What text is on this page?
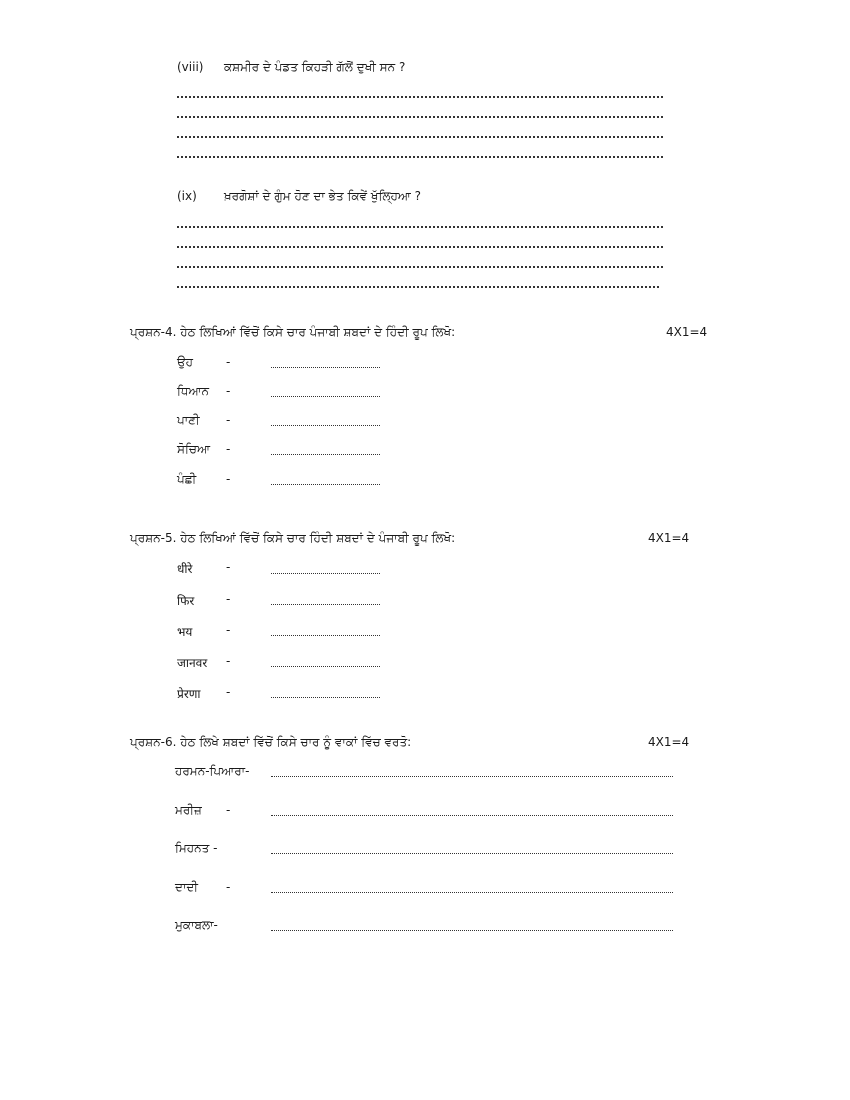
(viii) ਕਸ਼ਮੀਰ ਦੇ ਪੰਡਤ ਕਿਹੜੀ ਗੱਲੋਂ ਦੁਖੀ ਸਨ ?
(ix) ਖ਼ਰਗੋਸ਼ਾਂ ਦੇ ਗੁੰਮ ਹੋਣ ਦਾ ਭੇਤ ਕਿਵੇਂ ਖੁੱਲ੍ਹਿਆ ?
ਪ੍ਰਸ਼ਨ-4. ਹੇਠ ਲਿਖਿਆਂ ਵਿੱਚੋਂ ਕਿਸੇ ਚਾਰ ਪੰਜਾਬੀ ਸ਼ਬਦਾਂ ਦੇ ਹਿੰਦੀ ਰੂਪ ਲਿਖੋ:	4X1=4
ਉਹ	-
ਧਿਆਨ -
ਪਾਣੀ -
ਸੋਚਿਆ -
ਪੰਛੀ -
ਪ੍ਰਸ਼ਨ-5. ਹੇਠ ਲਿਖਿਆਂ ਵਿੱਚੋਂ ਕਿਸੇ ਚਾਰ ਹਿੰਦੀ ਸ਼ਬਦਾਂ ਦੇ ਪੰਜਾਬੀ ਰੂਪ ਲਿਖੋ:	4X1=4
धीरे	-
फिर	-
भय	-
जानवर -
प्रेरणा -
ਪ੍ਰਸ਼ਨ-6. ਹੇਠ ਲਿਖੇ ਸ਼ਬਦਾਂ ਵਿੱਚੋਂ ਕਿਸੇ ਚਾਰ ਨੂੰ ਵਾਕਾਂ ਵਿੱਚ ਵਰਤੋ:	4X1=4
ਹਰਮਨ-ਪਿਆਰਾ-
ਮਰੀਜ਼ -
ਮਿਹਨਤ -
ਦਾਦੀ -
ਮੁਕਾਬਲਾ-
